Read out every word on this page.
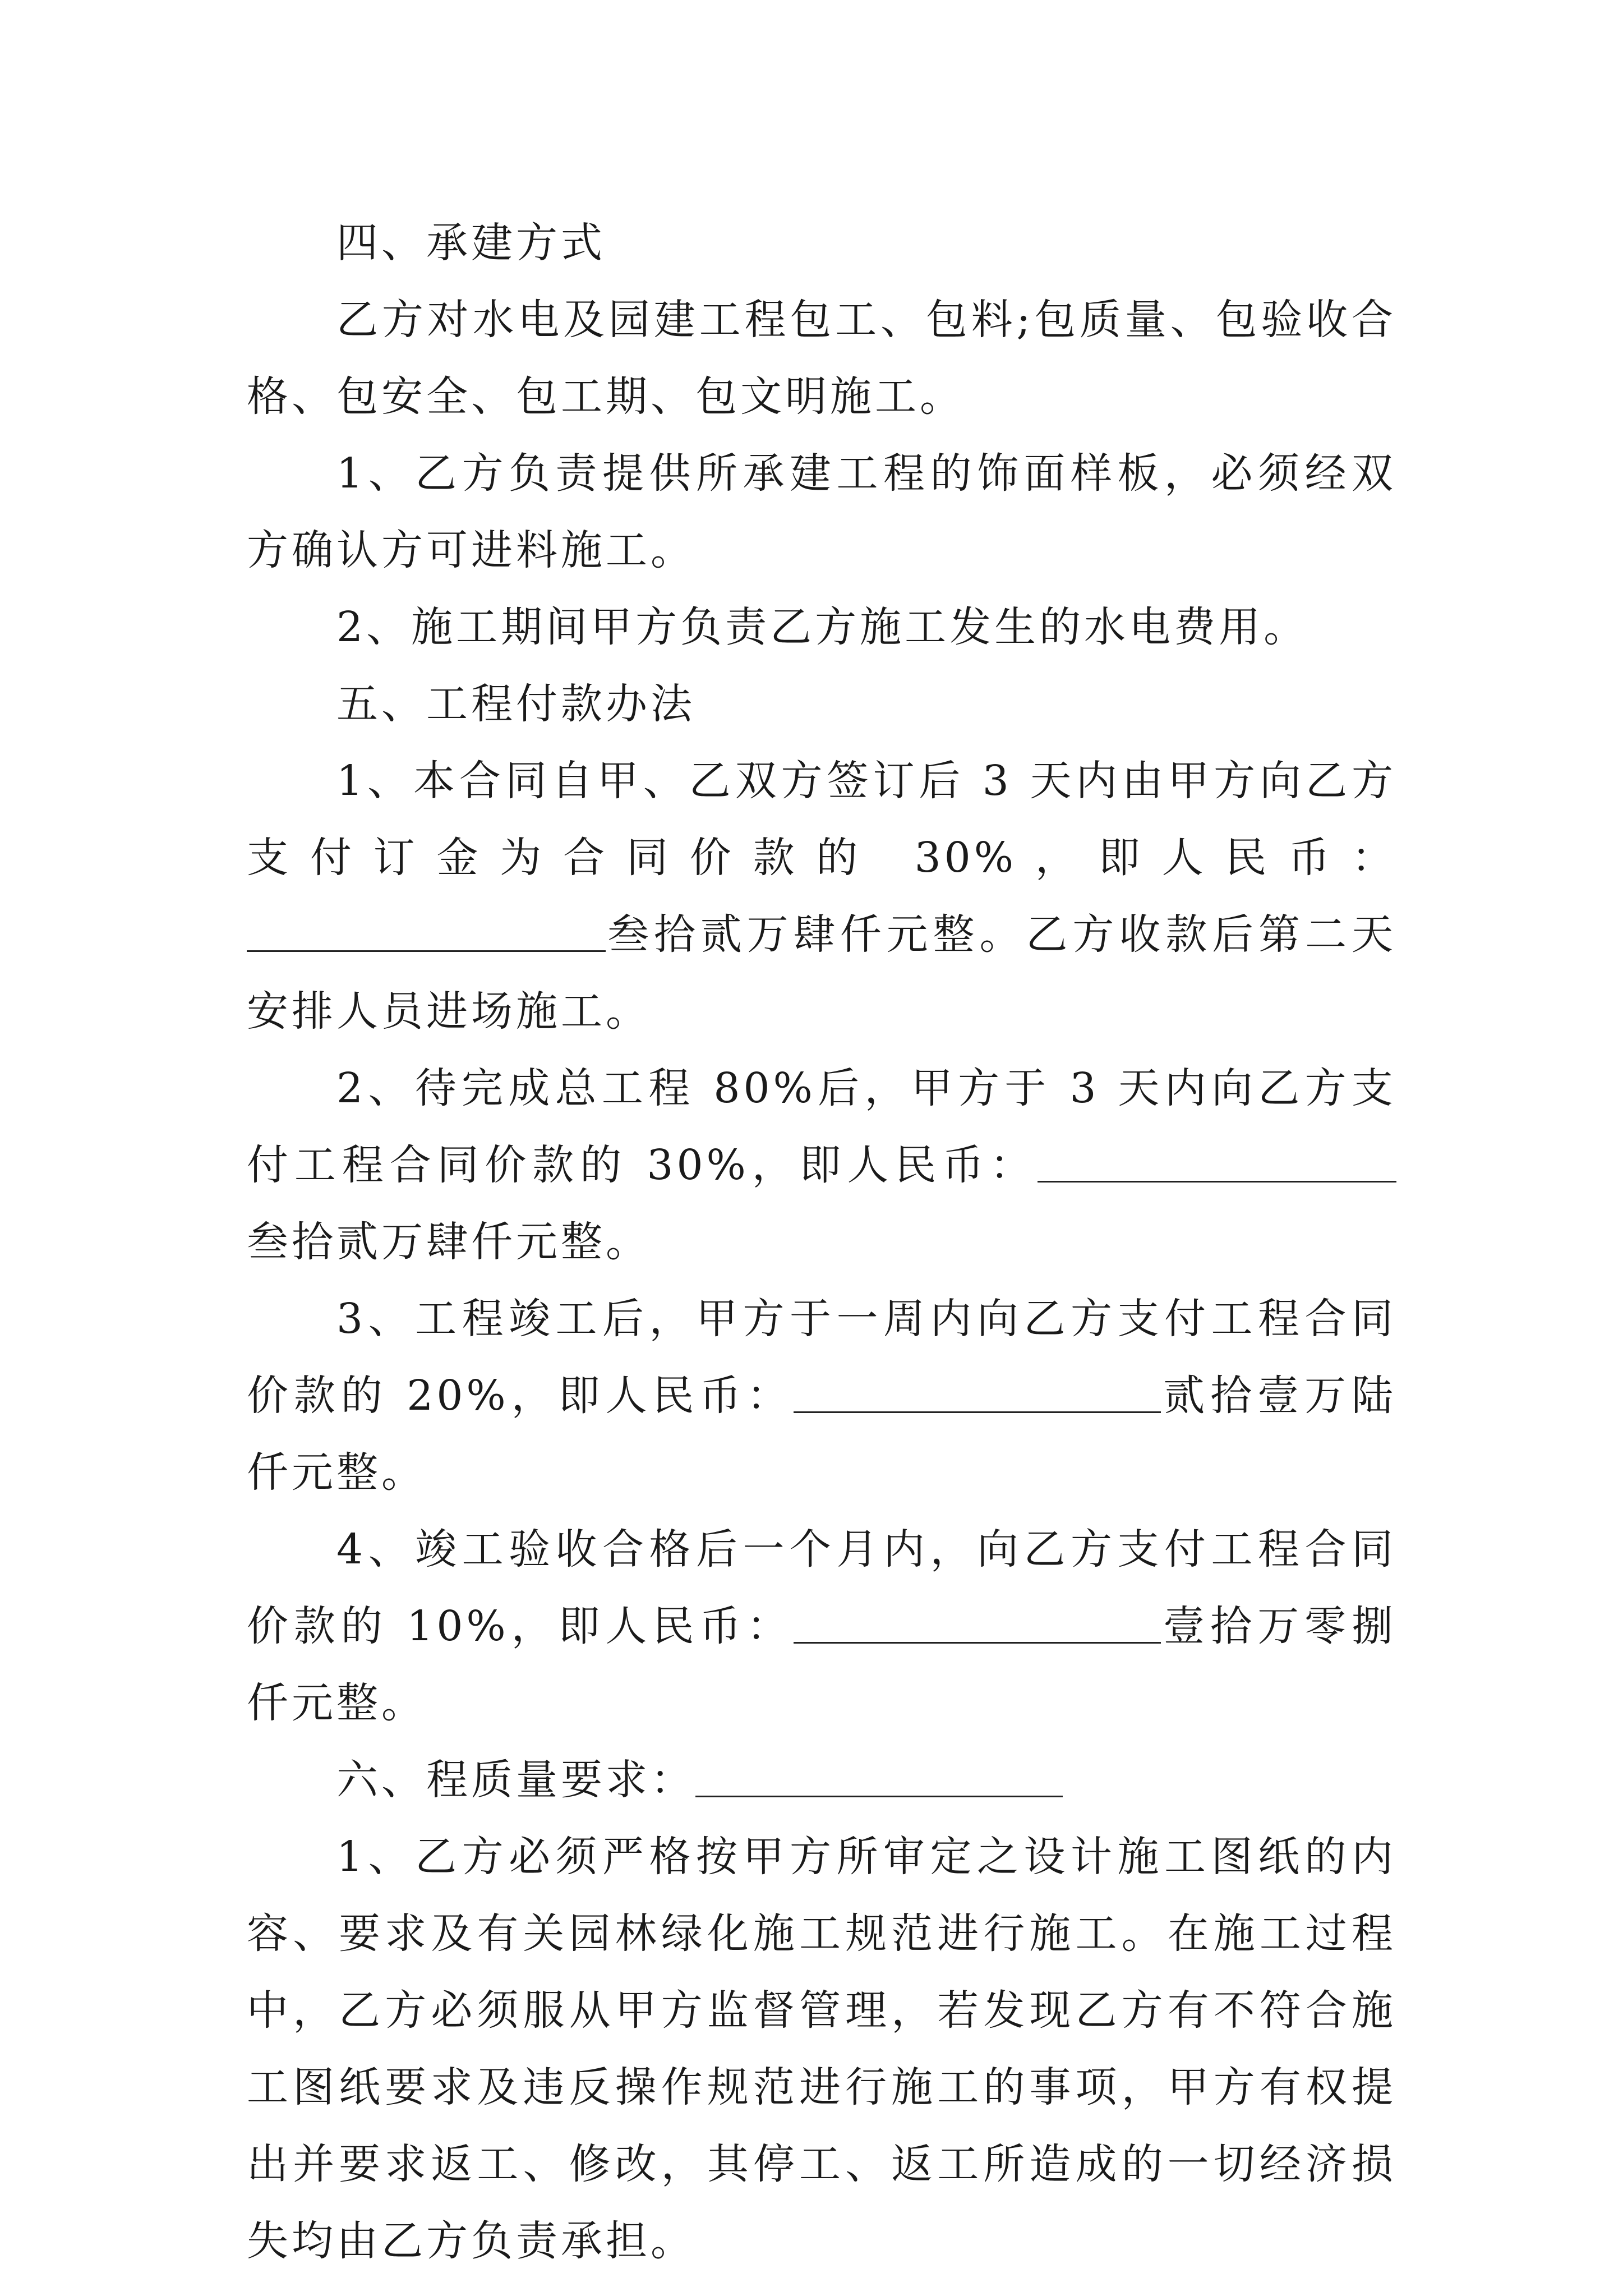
四、承建方式

乙方对水电及园建工程包工、包料;包质量、包验收合格、包安全、包工期、包文明施工。

1、乙方负责提供所承建工程的饰面样板，必须经双方确认方可进料施工。

2、施工期间甲方负责乙方施工发生的水电费用。

五、工程付款办法

1、本合同自甲、乙双方签订后 3 天内由甲方向乙方支付订金为合同价款的 30%，即人民币：叁拾贰万肆仟元整。乙方收款后第二天安排人员进场施工。

2、待完成总工程 80%后，甲方于 3 天内向乙方支付工程合同价款的 30%，即人民币：叁拾贰万肆仟元整。

3、工程竣工后，甲方于一周内向乙方支付工程合同价款的 20%，即人民币：	贰拾壹万陆仟元整。

4、竣工验收合格后一个月内，向乙方支付工程合同价款的 10%，即人民币：	壹拾万零捌仟元整。

六、程质量要求：

1、乙方必须严格按甲方所审定之设计施工图纸的内容、要求及有关园林绿化施工规范进行施工。在施工过程中，乙方必须服从甲方监督管理，若发现乙方有不符合施工图纸要求及违反操作规范进行施工的事项，甲方有权提出并要求返工、修改，其停工、返工所造成的一切经济损失均由乙方负责承担。
